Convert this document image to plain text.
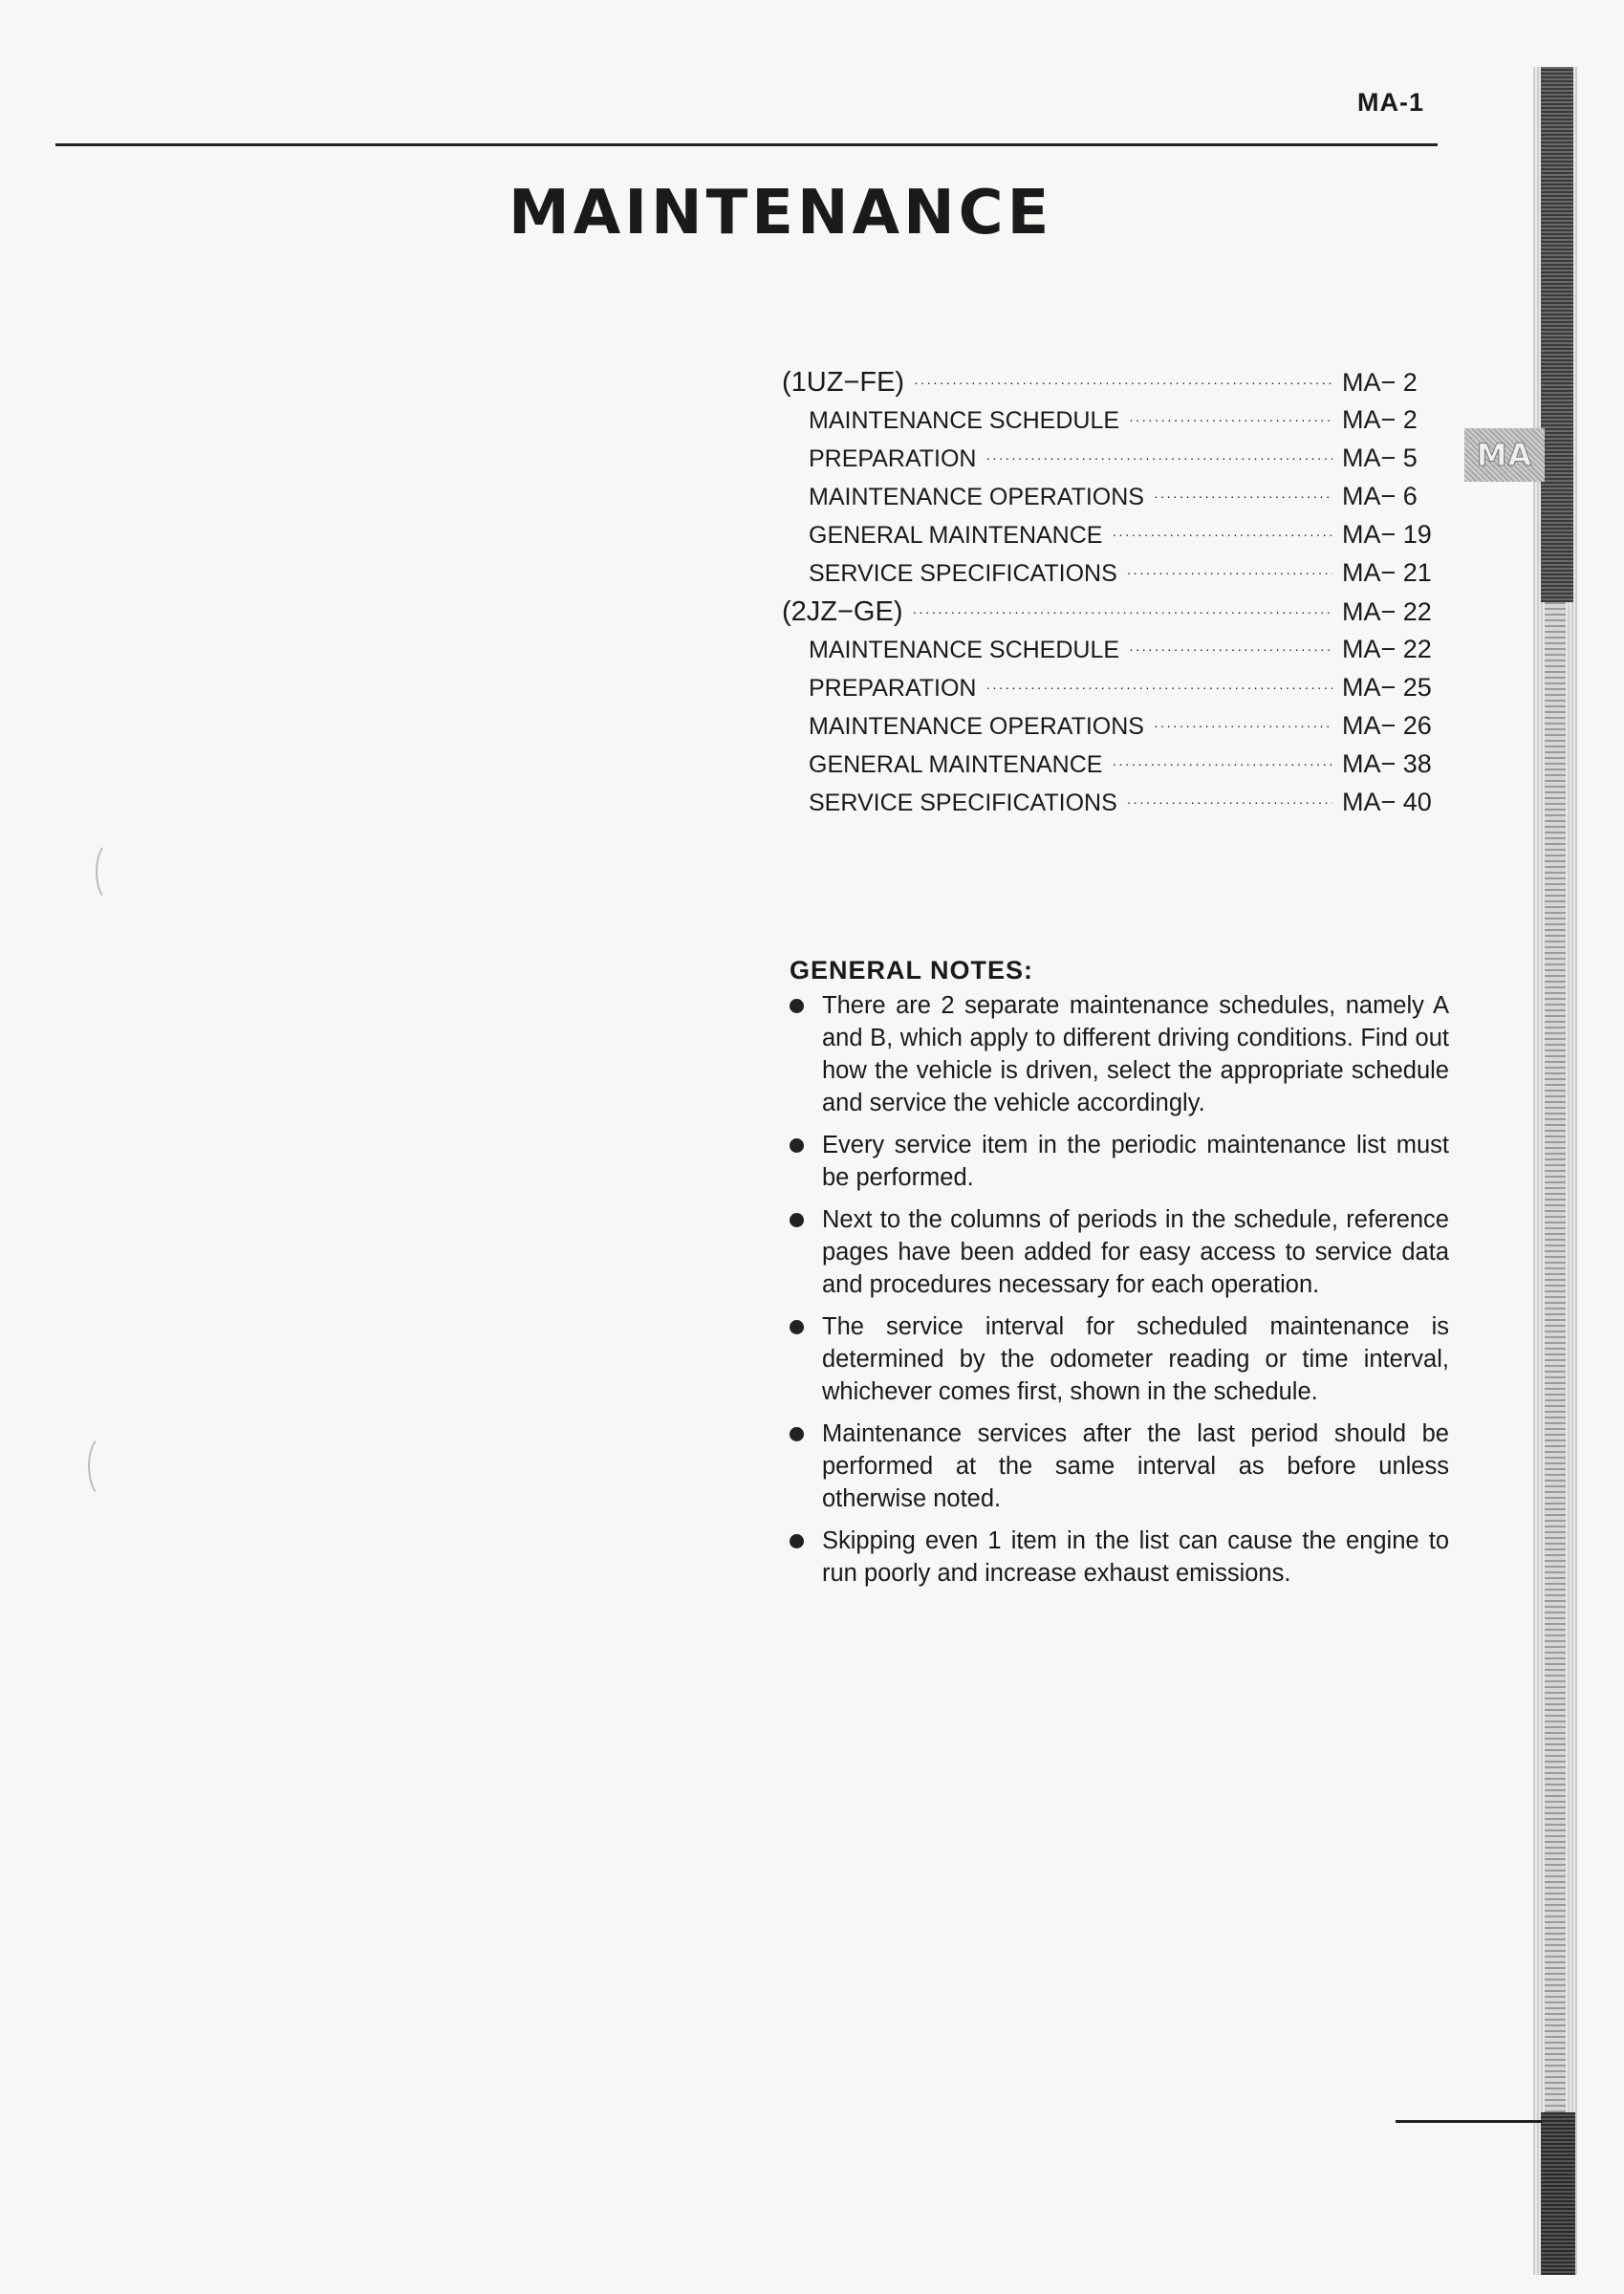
MA-1
MAINTENANCE
(1UZ−FE) ·····	MA− 2
MAINTENANCE SCHEDULE ·····	MA− 2
PREPARATION ·····	MA− 5
MAINTENANCE OPERATIONS ·····	MA− 6
GENERAL MAINTENANCE ·····	MA− 19
SERVICE SPECIFICATIONS ·····	MA− 21
(2JZ−GE) ·····	MA− 22
MAINTENANCE SCHEDULE ·····	MA− 22
PREPARATION ·····	MA− 25
MAINTENANCE OPERATIONS ·····	MA− 26
GENERAL MAINTENANCE ·····	MA− 38
SERVICE SPECIFICATIONS ·····	MA− 40
GENERAL NOTES:
There are 2 separate maintenance schedules, namely A and B, which apply to different driving conditions. Find out how the vehicle is driven, select the appropriate schedule and service the vehicle accordingly.
Every service item in the periodic maintenance list must be performed.
Next to the columns of periods in the schedule, reference pages have been added for easy access to service data and procedures necessary for each operation.
The service interval for scheduled maintenance is determined by the odometer reading or time interval, whichever comes first, shown in the schedule.
Maintenance services after the last period should be performed at the same interval as before unless otherwise noted.
Skipping even 1 item in the list can cause the engine to run poorly and increase exhaust emissions.
MA
